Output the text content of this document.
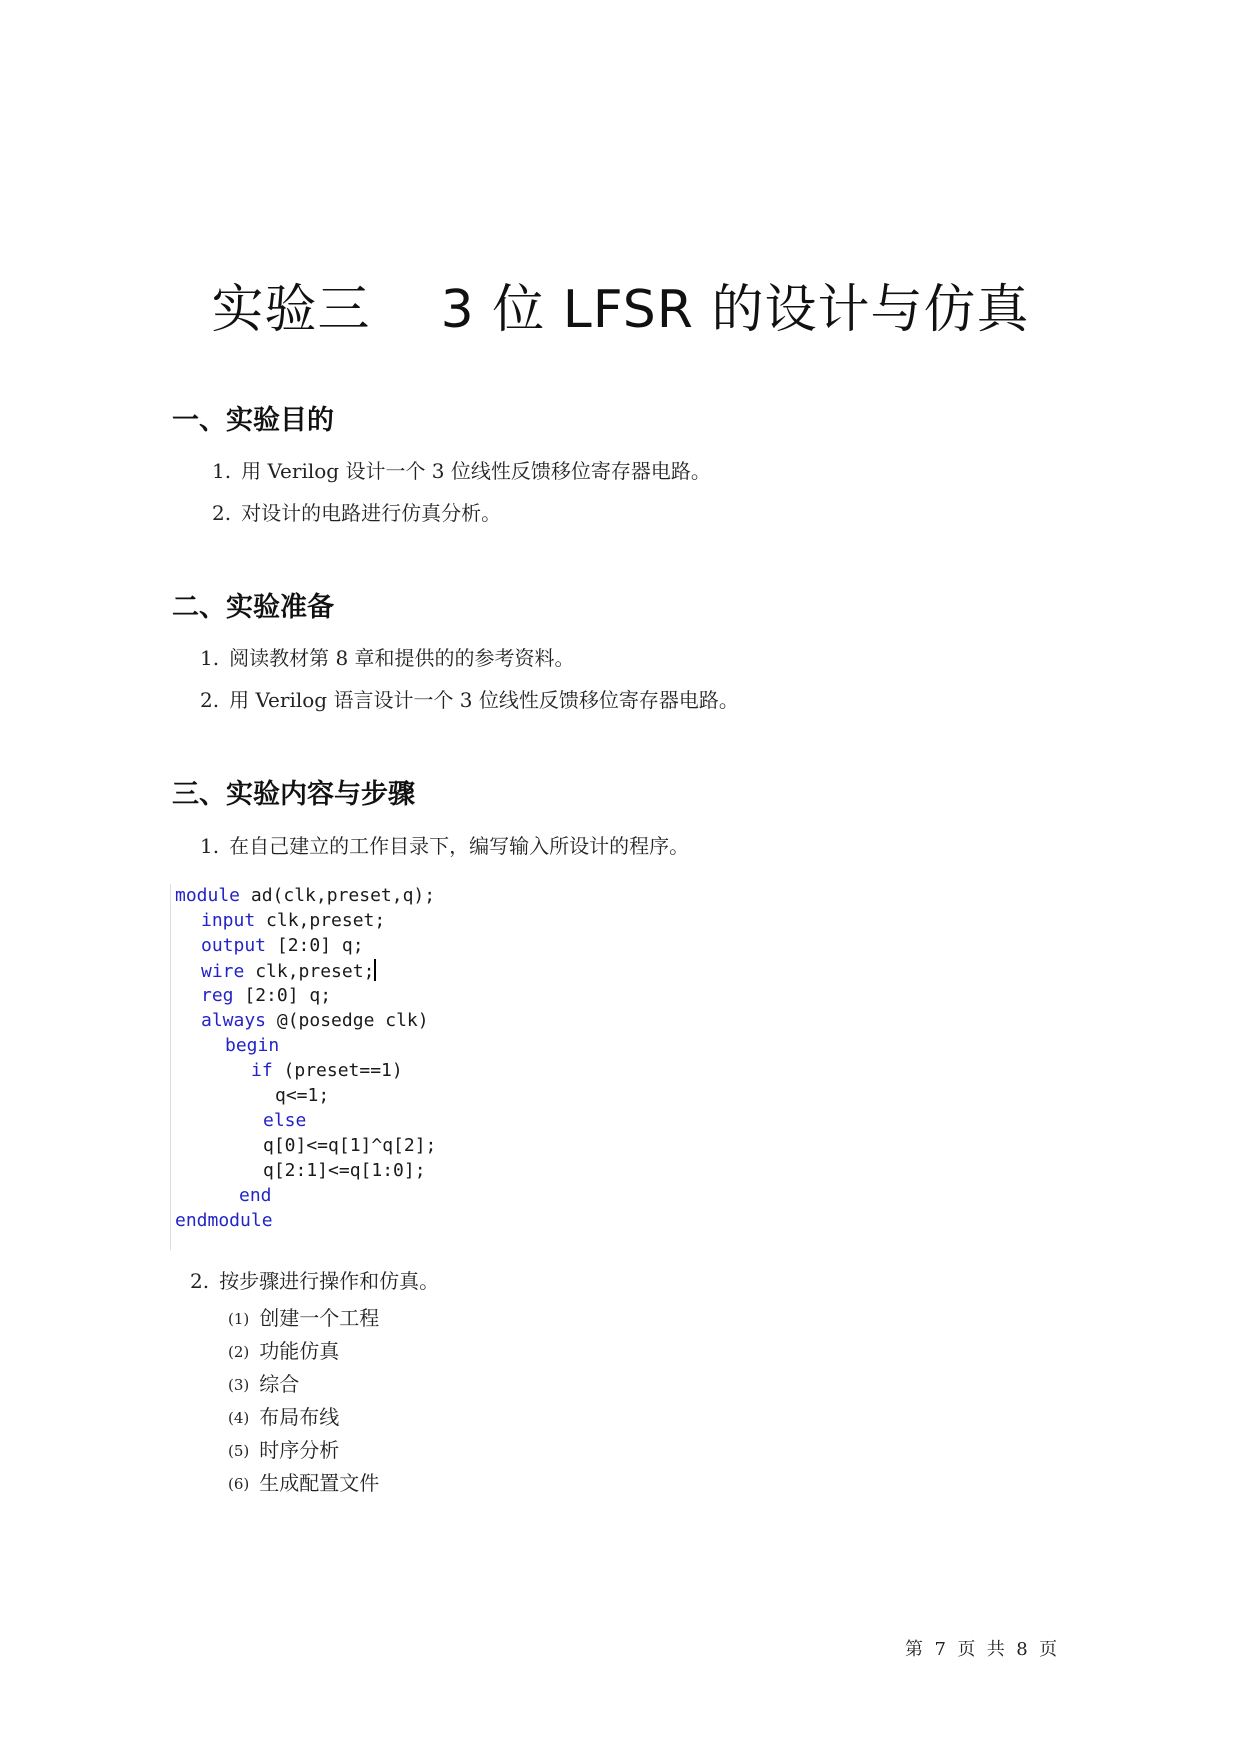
实验三    3 位 LFSR 的设计与仿真
一、实验目的
1. 用 Verilog 设计一个 3 位线性反馈移位寄存器电路。
2. 对设计的电路进行仿真分析。
二、实验准备
1. 阅读教材第 8 章和提供的的参考资料。
2. 用 Verilog 语言设计一个 3 位线性反馈移位寄存器电路。
三、实验内容与步骤
1. 在自己建立的工作目录下，编写输入所设计的程序。
module ad(clk,preset,q);
input clk,preset;
output [2:0] q;
wire clk,preset;
reg [2:0] q;
always @(posedge clk)
begin
if (preset==1)
q<=1;
else
q[0]<=q[1]^q[2];
q[2:1]<=q[1:0];
end
endmodule
2. 按步骤进行操作和仿真。
(1) 创建一个工程
(2) 功能仿真
(3) 综合
(4) 布局布线
(5) 时序分析
(6) 生成配置文件
第  7  页  共  8  页
